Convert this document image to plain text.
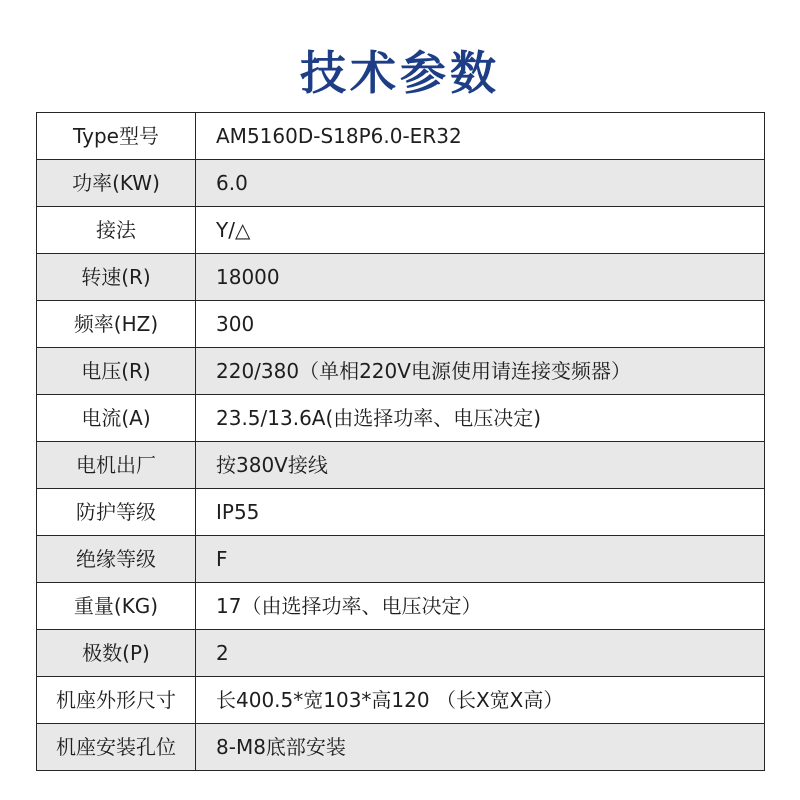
技术参数
Type型号	AM5160D-S18P6.0-ER32
功率(KW)	6.0
接法	Y/△
转速(R)	18000
频率(HZ)	300
电压(R)	220/380（单相220V电源使用请连接变频器）
电流(A)	23.5/13.6A(由选择功率、电压决定)
电机出厂	按380V接线
防护等级	IP55
绝缘等级	F
重量(KG)	17（由选择功率、电压决定）
极数(P)	2
机座外形尺寸	长400.5*宽103*高120 （长X宽X高）
机座安装孔位	8-M8底部安装
